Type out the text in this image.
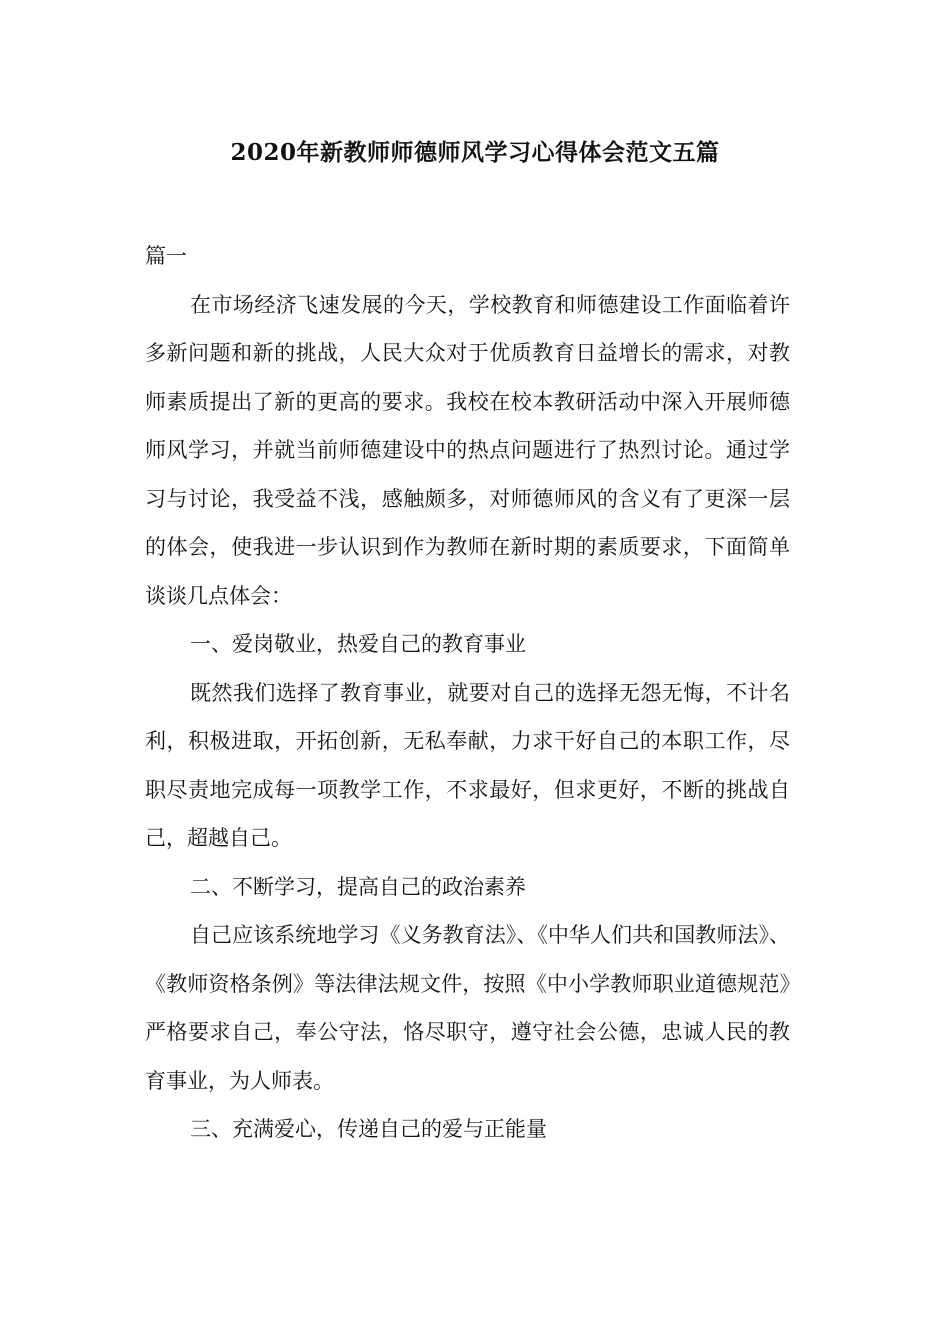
2020年新教师师德师风学习心得体会范文五篇

篇一

在市场经济飞速发展的今天，学校教育和师德建设工作面临着许多新问题和新的挑战，人民大众对于优质教育日益增长的需求，对教师素质提出了新的更高的要求。我校在校本教研活动中深入开展师德师风学习，并就当前师德建设中的热点问题进行了热烈讨论。通过学习与讨论，我受益不浅，感触颇多，对师德师风的含义有了更深一层的体会，使我进一步认识到作为教师在新时期的素质要求，下面简单谈谈几点体会：

一、爱岗敬业，热爱自己的教育事业

既然我们选择了教育事业，就要对自己的选择无怨无悔，不计名利，积极进取，开拓创新，无私奉献，力求干好自己的本职工作，尽职尽责地完成每一项教学工作，不求最好，但求更好，不断的挑战自己，超越自己。

二、不断学习，提高自己的政治素养

自己应该系统地学习《义务教育法》、《中华人们共和国教师法》、《教师资格条例》等法律法规文件，按照《中小学教师职业道德规范》严格要求自己，奉公守法，恪尽职守，遵守社会公德，忠诚人民的教育事业，为人师表。

三、充满爱心，传递自己的爱与正能量
